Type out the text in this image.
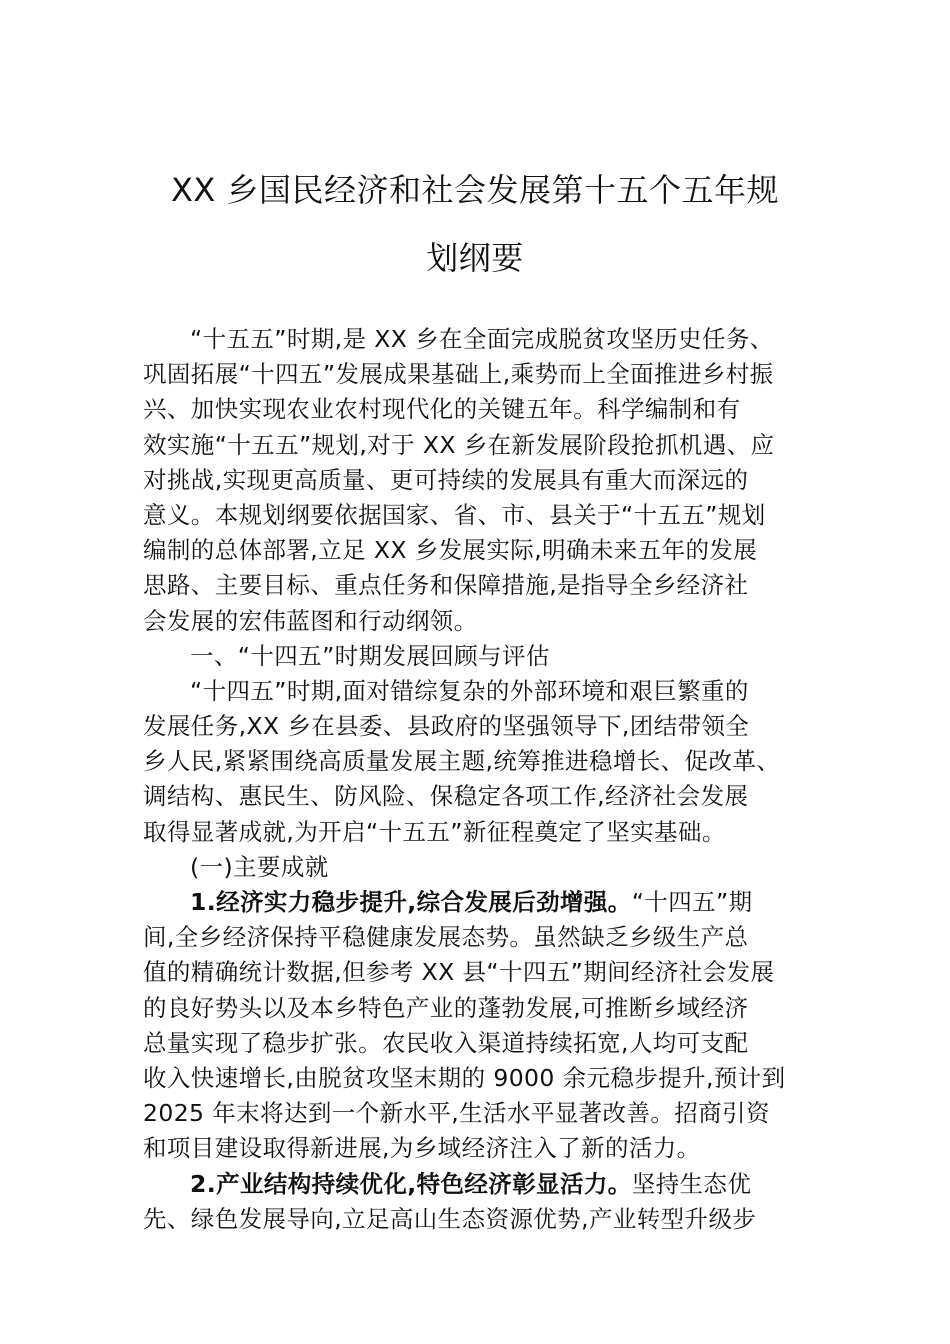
XX 乡国民经济和社会发展第十五个五年规
划纲要
“十五五”时期,是 XX 乡在全面完成脱贫攻坚历史任务、
巩固拓展“十四五”发展成果基础上,乘势而上全面推进乡村振
兴、加快实现农业农村现代化的关键五年。科学编制和有
效实施“十五五”规划,对于 XX 乡在新发展阶段抢抓机遇、应
对挑战,实现更高质量、更可持续的发展具有重大而深远的
意义。本规划纲要依据国家、省、市、县关于“十五五”规划
编制的总体部署,立足 XX 乡发展实际,明确未来五年的发展
思路、主要目标、重点任务和保障措施,是指导全乡经济社
会发展的宏伟蓝图和行动纲领。
一、“十四五”时期发展回顾与评估
“十四五”时期,面对错综复杂的外部环境和艰巨繁重的
发展任务,XX 乡在县委、县政府的坚强领导下,团结带领全
乡人民,紧紧围绕高质量发展主题,统筹推进稳增长、促改革、
调结构、惠民生、防风险、保稳定各项工作,经济社会发展
取得显著成就,为开启“十五五”新征程奠定了坚实基础。
(一)主要成就
1.经济实力稳步提升,综合发展后劲增强。“十四五”期
间,全乡经济保持平稳健康发展态势。虽然缺乏乡级生产总
值的精确统计数据,但参考 XX 县“十四五”期间经济社会发展
的良好势头以及本乡特色产业的蓬勃发展,可推断乡域经济
总量实现了稳步扩张。农民收入渠道持续拓宽,人均可支配
收入快速增长,由脱贫攻坚末期的 9000 余元稳步提升,预计到
2025 年末将达到一个新水平,生活水平显著改善。招商引资
和项目建设取得新进展,为乡域经济注入了新的活力。
2.产业结构持续优化,特色经济彰显活力。坚持生态优
先、绿色发展导向,立足高山生态资源优势,产业转型升级步
